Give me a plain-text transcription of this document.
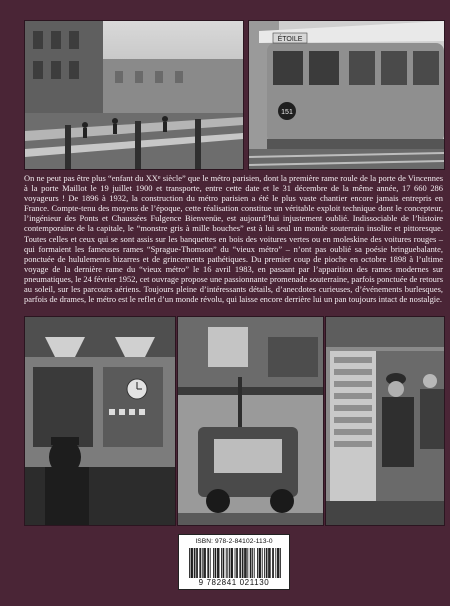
ÉTOILE
151

On ne peut pas être plus “enfant du XXe siècle” que le métro parisien, dont la première rame roule de la porte de Vincennes à la porte Maillot le 19 juillet 1900 et transporte, entre cette date et le 31 décembre de la même année, 17 660 286 voyageurs ! De 1896 à 1932, la construction du métro parisien a été le plus vaste chantier encore jamais entrepris en France. Compte-tenu des moyens de l’époque, cette réalisation constitue un véritable exploit technique dont le concepteur, l’ingénieur des Ponts et Chaussées Fulgence Bienvenüe, est aujourd’hui injustement oublié. Indissociable de l’histoire contemporaine de la capitale, le “monstre gris à mille bouches” est à lui seul un monde souterrain insolite et pittoresque. Toutes celles et ceux qui se sont assis sur les banquettes en bois des voitures vertes ou en moleskine des voitures rouges – qui formaient les fameuses rames “Sprague-Thomson” du “vieux métro” – n’ont pas oublié sa poésie bringuebalante, ponctuée de hululements bizarres et de grincements pathétiques. Du premier coup de pioche en octobre 1898 à l’ultime voyage de la dernière rame du “vieux métro” le 16 avril 1983, en passant par l’apparition des rames modernes sur pneumatiques, le 24 février 1952, cet ouvrage propose une passionnante promenade souterraine, parfois ponctuée de retours au soleil, sur les parcours aériens. Toujours pleine d’intéressants détails, d’anecdotes curieuses, d’événements burlesques, parfois de drames, le métro est le reflet d’un monde révolu, qui laisse encore derrière lui un pan toujours intact de nostalgie.

ISBN: 978-2-84102-113-0
9 782841 021130
